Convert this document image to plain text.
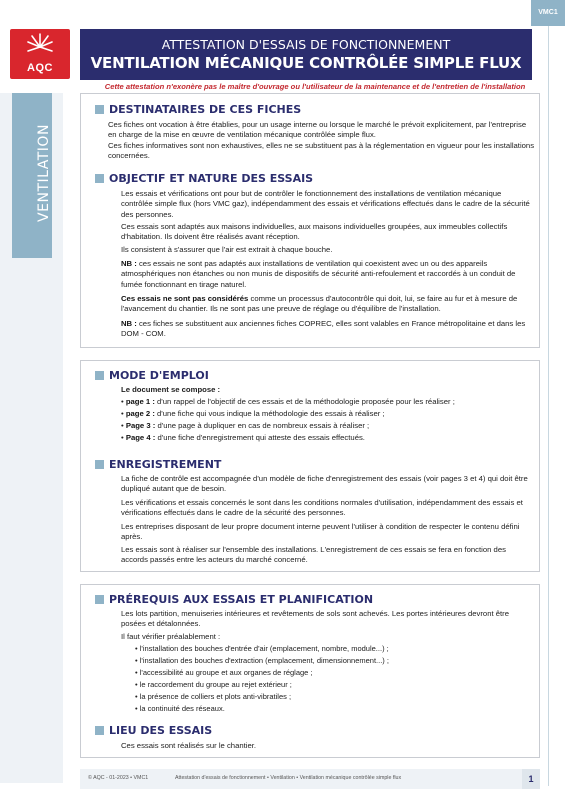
VMC1
AQC
ATTESTATION D'ESSAIS DE FONCTIONNEMENT
VENTILATION MÉCANIQUE CONTRÔLÉE SIMPLE FLUX
Cette attestation n'exonère pas le maître d'ouvrage ou l'utilisateur de la maintenance et de l'entretien de l'installation
VENTILATION
DESTINATAIRES DE CES FICHES
Ces fiches ont vocation à être établies, pour un usage interne ou lorsque le marché le prévoit explicitement, par l'entreprise en charge de la mise en œuvre de ventilation mécanique contrôlée simple flux.
Ces fiches informatives sont non exhaustives, elles ne se substituent pas à la réglementation en vigueur pour les installations concernées.
OBJECTIF ET NATURE DES ESSAIS
Les essais et vérifications ont pour but de contrôler le fonctionnement des installations de ventilation mécanique contrôlée simple flux (hors VMC gaz), indépendamment des essais et vérifications effectués dans le cadre de la sécurité des personnes.
Ces essais sont adaptés aux maisons individuelles, aux maisons individuelles groupées, aux immeubles collectifs d'habitation. Ils doivent être réalisés avant réception.
Ils consistent à s'assurer que l'air est extrait à chaque bouche.
NB : ces essais ne sont pas adaptés aux installations de ventilation qui coexistent avec un ou des appareils atmosphériques non étanches ou non munis de dispositifs de sécurité anti-refoulement et raccordés à un conduit de fumée fonctionnant en tirage naturel.
Ces essais ne sont pas considérés comme un processus d'autocontrôle qui doit, lui, se faire au fur et à mesure de l'avancement du chantier. Ils ne sont pas une preuve de réglage ou d'équilibre de l'installation.
NB : ces fiches se substituent aux anciennes fiches COPREC, elles sont valables en France métropolitaine et dans les DOM - COM.
MODE D'EMPLOI
Le document se compose :
• page 1 : d'un rappel de l'objectif de ces essais et de la méthodologie proposée pour les réaliser ;
• page 2 : d'une fiche qui vous indique la méthodologie des essais à réaliser ;
• Page 3 : d'une page à dupliquer en cas de nombreux essais à réaliser ;
• Page 4 : d'une fiche d'enregistrement qui atteste des essais effectués.
ENREGISTREMENT
La fiche de contrôle est accompagnée d'un modèle de fiche d'enregistrement des essais (voir pages 3 et 4) qui doit être dupliqué autant que de besoin.
Les vérifications et essais concernés le sont dans les conditions normales d'utilisation, indépendamment des essais et vérifications effectués dans le cadre de la sécurité des personnes.
Les entreprises disposant de leur propre document interne peuvent l'utiliser à condition de respecter le contenu défini après.
Les essais sont à réaliser sur l'ensemble des installations. L'enregistrement de ces essais se fera en fonction des accords passés entre les acteurs du marché concerné.
PRÉREQUIS AUX ESSAIS ET PLANIFICATION
Les lots partition, menuiseries intérieures et revêtements de sols sont achevés. Les portes intérieures devront être posées et détalonnées.
Il faut vérifier préalablement :
• l'installation des bouches d'entrée d'air (emplacement, nombre, module...) ;
• l'installation des bouches d'extraction (emplacement, dimensionnement...) ;
• l'accessibilité au groupe et aux organes de réglage ;
• le raccordement du groupe au rejet extérieur ;
• la présence de colliers et plots anti-vibratiles ;
• la continuité des réseaux.
LIEU DES ESSAIS
Ces essais sont réalisés sur le chantier.
© AQC - 01-2023 • VMC1	Attestation d'essais de fonctionnement • Ventilation • Ventilation mécanique contrôlée simple flux	1
